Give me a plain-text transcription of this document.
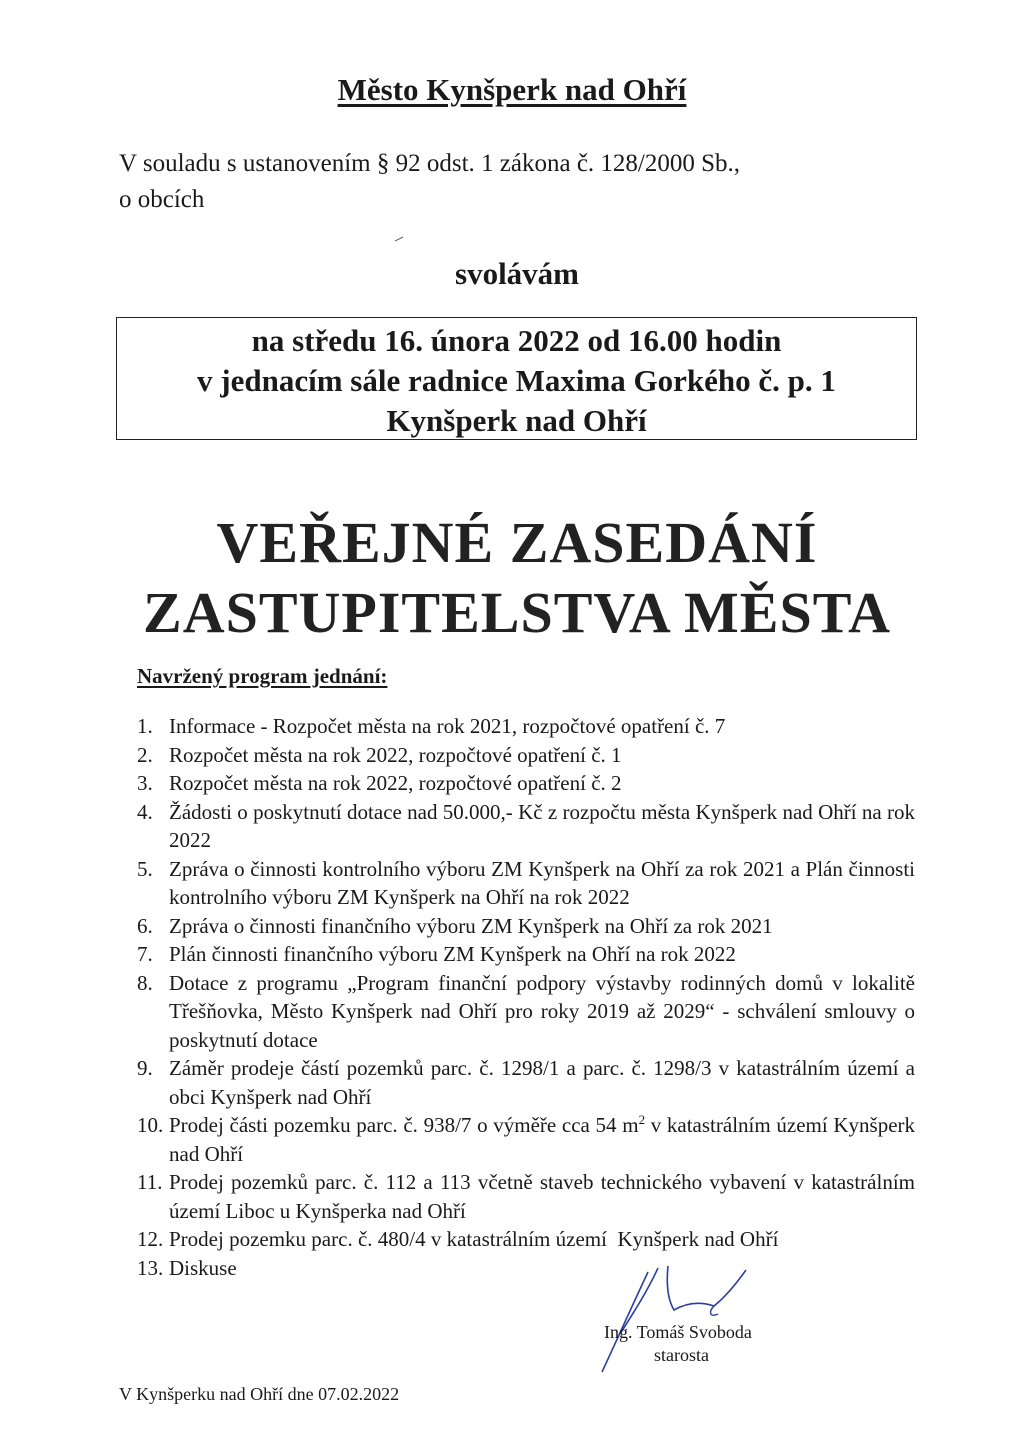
Město Kynšperk nad Ohří

V souladu s ustanovením § 92 odst. 1 zákona č. 128/2000 Sb.,

o obcích

svolávám
na středu 16. února 2022 od 16.00 hodin
v jednacím sále radnice Maxima Gorkého č. p. 1
Kynšperk nad Ohří
VEŘEJNÉ ZASEDÁNÍ
ZASTUPITELSTVA MĚSTA
Navržený program jednání:
1. Informace - Rozpočet města na rok 2021, rozpočtové opatření č. 7
2. Rozpočet města na rok 2022, rozpočtové opatření č. 1
3. Rozpočet města na rok 2022, rozpočtové opatření č. 2
4. Žádosti o poskytnutí dotace nad 50.000,- Kč z rozpočtu města Kynšperk nad Ohří na rok 2022
5. Zpráva o činnosti kontrolního výboru ZM Kynšperk na Ohří za rok 2021 a Plán činnosti kontrolního výboru ZM Kynšperk na Ohří na rok 2022
6. Zpráva o činnosti finančního výboru ZM Kynšperk na Ohří za rok 2021
7. Plán činnosti finančního výboru ZM Kynšperk na Ohří na rok 2022
8. Dotace z programu „Program finanční podpory výstavby rodinných domů v lokalitě Třešňovka, Město Kynšperk nad Ohří pro roky 2019 až 2029“ - schválení smlouvy o poskytnutí dotace
9. Záměr prodeje částí pozemků parc. č. 1298/1 a parc. č. 1298/3 v katastrálním území a obci Kynšperk nad Ohří
10. Prodej části pozemku parc. č. 938/7 o výměře cca 54 $m^2$ v katastrálním území Kynšperk nad Ohří
11. Prodej pozemků parc. č. 112 a 113 včetně staveb technického vybavení v katastrálním území Liboc u Kynšperka nad Ohří
12. Prodej pozemku parc. č. 480/4 v katastrálním území  Kynšperk nad Ohří
13. Diskuse
Ing. Tomáš Svoboda
starosta
V Kynšperku nad Ohří dne 07.02.2022
